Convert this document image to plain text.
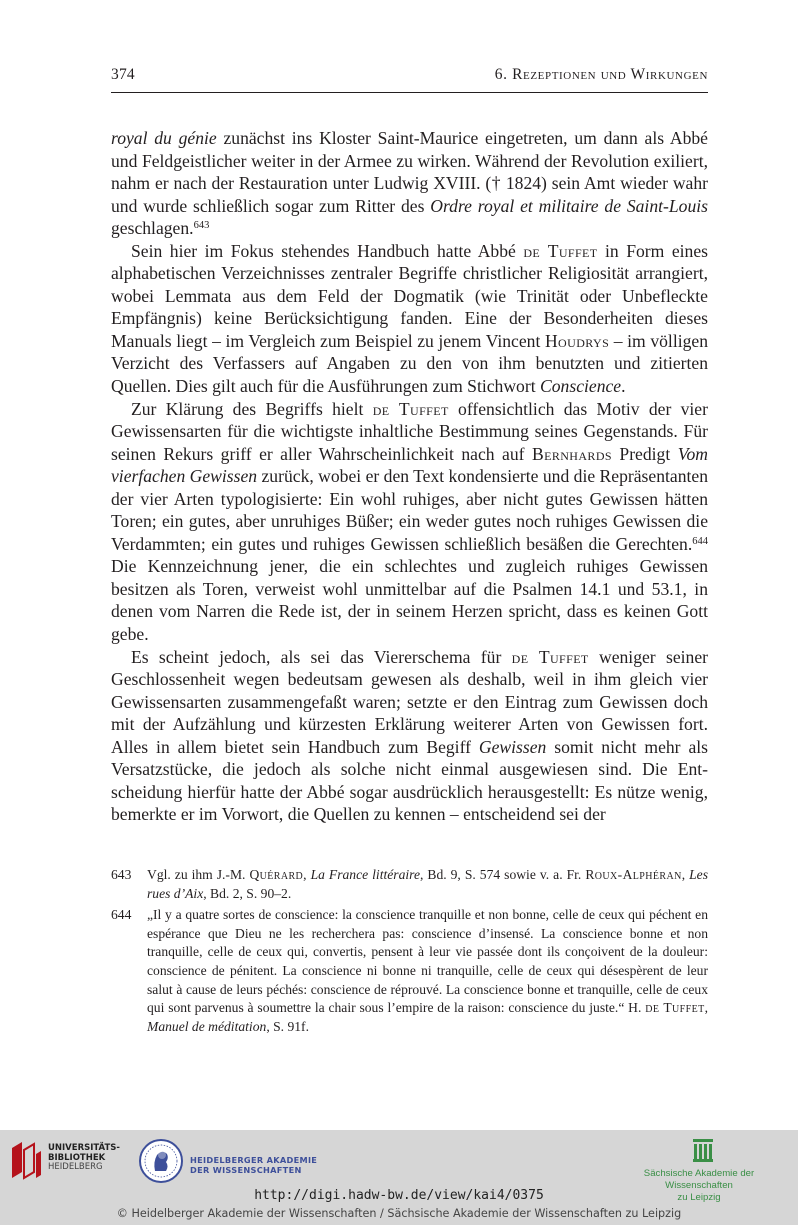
374	6. Rezeptionen und Wirkungen

royal du génie zunächst ins Kloster Saint-Maurice eingetreten, um dann als Abbé und Feldgeistlicher weiter in der Armee zu wirken. Während der Revolution exiliert, nahm er nach der Restauration unter Ludwig XVIII. († 1824) sein Amt wieder wahr und wurde schließlich sogar zum Ritter des Ordre royal et militaire de Saint-Louis geschlagen.$^{643}$

Sein hier im Fokus stehendes Handbuch hatte Abbé de Tuffet in Form eines alphabetischen Verzeichnisses zentraler Begriffe christlicher Religiosität arrangiert, wobei Lemmata aus dem Feld der Dogmatik (wie Trinität oder Unbefleckte Empfängnis) keine Berücksichtigung fanden. Eine der Besonderheiten dieses Manuals liegt – im Vergleich zum Beispiel zu jenem Vincent Houdrys – im völligen Verzicht des Verfassers auf Angaben zu den von ihm benutzten und zitierten Quellen. Dies gilt auch für die Ausführungen zum Stichwort Conscience.

Zur Klärung des Begriffs hielt de Tuffet offensichtlich das Motiv der vier Gewissensarten für die wichtigste inhaltliche Bestimmung seines Gegenstands. Für seinen Rekurs griff er aller Wahrscheinlichkeit nach auf Bernhards Predigt Vom vierfachen Gewissen zurück, wobei er den Text kondensierte und die Repräsentanten der vier Arten typologisierte: Ein wohl ruhiges, aber nicht gutes Gewissen hätten Toren; ein gutes, aber unruhiges Büßer; ein weder gutes noch ruhiges Gewissen die Verdammten; ein gutes und ruhiges Gewissen schließlich besäßen die Gerechten.$^{644}$ Die Kennzeichnung jener, die ein schlechtes und zugleich ruhiges Gewissen besitzen als Toren, verweist wohl unmittelbar auf die Psalmen 14.1 und 53.1, in denen vom Narren die Rede ist, der in seinem Herzen spricht, dass es keinen Gott gebe.

Es scheint jedoch, als sei das Viererschema für de Tuffet weniger seiner Geschlossenheit wegen bedeutsam gewesen als deshalb, weil in ihm gleich vier Gewissensarten zusammengefaßt waren; setzte er den Eintrag zum Gewissen doch mit der Aufzählung und kürzesten Erklärung weiterer Arten von Gewissen fort. Alles in allem bietet sein Handbuch zum Begiff Gewissen somit nicht mehr als Versatzstücke, die jedoch als solche nicht einmal ausgewiesen sind. Die Entscheidung hierfür hatte der Abbé sogar ausdrücklich herausgestellt: Es nütze wenig, bemerkte er im Vorwort, die Quellen zu kennen – entscheidend sei der

643 Vgl. zu ihm J.-M. Quérard, La France littéraire, Bd. 9, S. 574 sowie v. a. Fr. Roux-Alphéran, Les rues d’Aix, Bd. 2, S. 90–2.
644 „Il y a quatre sortes de conscience: la conscience tranquille et non bonne, celle de ceux qui péchent en espérance que Dieu ne les recherchera pas: conscience d’insensé. La conscience bonne et non tranquille, celle de ceux qui, convertis, pensent à leur vie passée dont ils conçoivent de la douleur: conscience de pénitent. La conscience ni bonne ni tranquille, celle de ceux qui désespèrent de leur salut à cause de leurs péchés: conscience de réprouvé. La conscience bonne et tranquille, celle de ceux qui sont parvenus à soumettre la chair sous l’empire de la raison: conscience du juste.“ H. de Tuffet, Manuel de méditation, S. 91f.
UNIVERSITÄTS-
BIBLIOTHEK
HEIDELBERG
HEIDELBERGER AKADEMIE
DER WISSENSCHAFTEN	Sächsische Akademie der Wissenschaften
zu Leipzig
http://digi.hadw-bw.de/view/kai4/0375
© Heidelberger Akademie der Wissenschaften / Sächsische Akademie der Wissenschaften zu Leipzig
